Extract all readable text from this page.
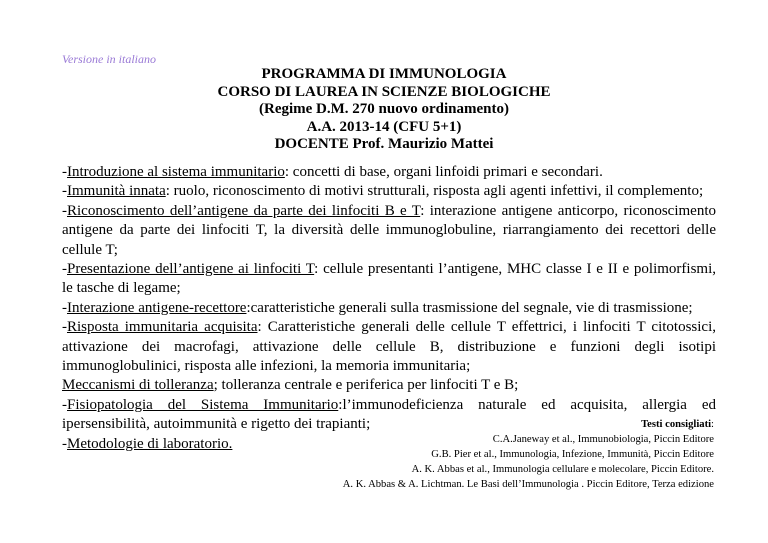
Versione in italiano
PROGRAMMA DI IMMUNOLOGIA
CORSO DI LAUREA IN SCIENZE BIOLOGICHE
(Regime D.M. 270 nuovo ordinamento)
A.A. 2013-14 (CFU 5+1)
DOCENTE Prof. Maurizio Mattei

-Introduzione al sistema immunitario: concetti di base, organi linfoidi primari e secondari.

-Immunità innata: ruolo, riconoscimento di motivi strutturali, risposta agli agenti infettivi, il complemento;

-Riconoscimento dell’antigene da parte dei linfociti B e T: interazione antigene anticorpo, riconoscimento antigene da parte dei linfociti T, la diversità delle immunoglobuline, riarrangiamento dei recettori delle cellule T;

-Presentazione dell’antigene ai linfociti T: cellule presentanti l’antigene, MHC classe I e II e polimorfismi, le tasche di legame;

-Interazione antigene-recettore:caratteristiche generali sulla trasmissione del segnale, vie di trasmissione;

-Risposta immunitaria acquisita: Caratteristiche generali delle cellule T effettrici, i linfociti T citotossici, attivazione dei macrofagi, attivazione delle cellule B, distribuzione e funzioni degli isotipi immunoglobulinici, risposta alle infezioni, la memoria immunitaria;

Meccanismi di tolleranza; tolleranza centrale e periferica per linfociti T e B;

-Fisiopatologia del Sistema Immunitario:l’immunodeficienza naturale ed acquisita, allergia ed ipersensibilità, autoimmunità e rigetto dei trapianti;

-Metodologie di laboratorio.

Testi consigliati:
C.A.Janeway et al., Immunobiologia, Piccin Editore
G.B. Pier et al., Immunologia, Infezione, Immunità, Piccin Editore
A. K. Abbas et al., Immunologia cellulare e molecolare, Piccin Editore.
A. K. Abbas & A. Lichtman. Le Basi dell’Immunologia . Piccin Editore, Terza edizione
